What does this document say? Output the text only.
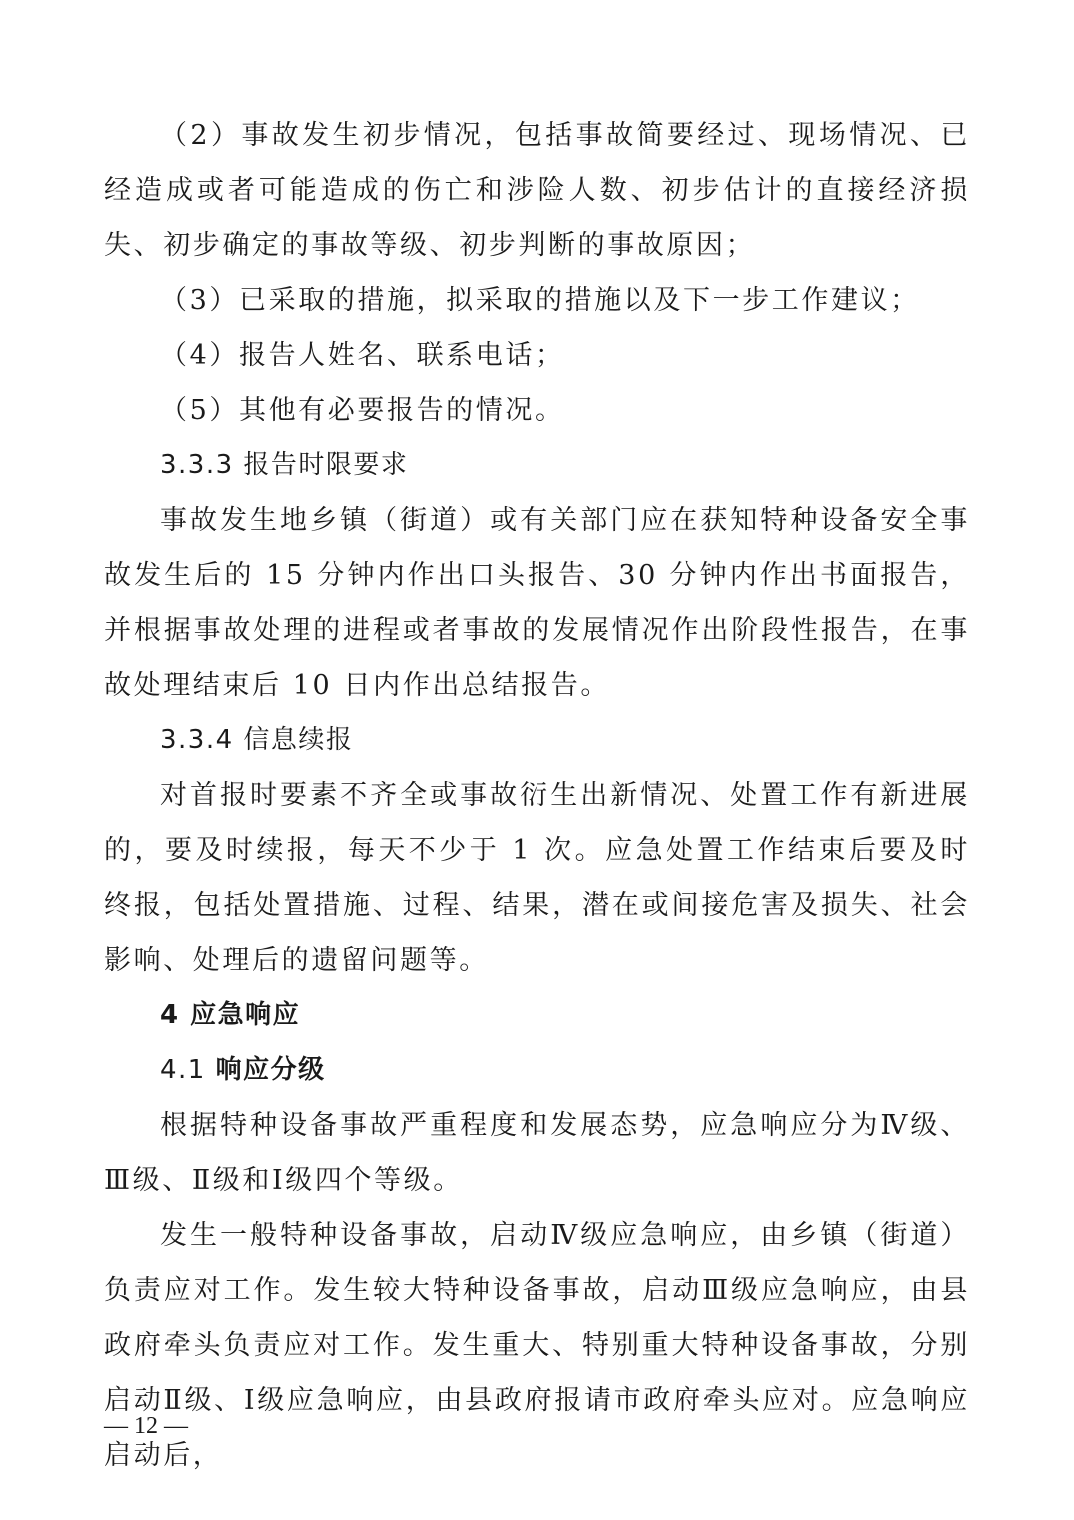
（2）事故发生初步情况，包括事故简要经过、现场情况、已经造成或者可能造成的伤亡和涉险人数、初步估计的直接经济损失、初步确定的事故等级、初步判断的事故原因；

（3）已采取的措施，拟采取的措施以及下一步工作建议；

（4）报告人姓名、联系电话；

（5）其他有必要报告的情况。

3.3.3 报告时限要求

事故发生地乡镇（街道）或有关部门应在获知特种设备安全事故发生后的 15 分钟内作出口头报告、30 分钟内作出书面报告，并根据事故处理的进程或者事故的发展情况作出阶段性报告，在事故处理结束后 10 日内作出总结报告。

3.3.4 信息续报

对首报时要素不齐全或事故衍生出新情况、处置工作有新进展的，要及时续报，每天不少于 1 次。应急处置工作结束后要及时终报，包括处置措施、过程、结果，潜在或间接危害及损失、社会影响、处理后的遗留问题等。

4 应急响应

4.1 响应分级

根据特种设备事故严重程度和发展态势，应急响应分为Ⅳ级、Ⅲ级、Ⅱ级和Ⅰ级四个等级。

发生一般特种设备事故，启动Ⅳ级应急响应，由乡镇（街道）负责应对工作。发生较大特种设备事故，启动Ⅲ级应急响应，由县政府牵头负责应对工作。发生重大、特别重大特种设备事故，分别启动Ⅱ级、Ⅰ级应急响应，由县政府报请市政府牵头应对。应急响应启动后，

— 12 —
